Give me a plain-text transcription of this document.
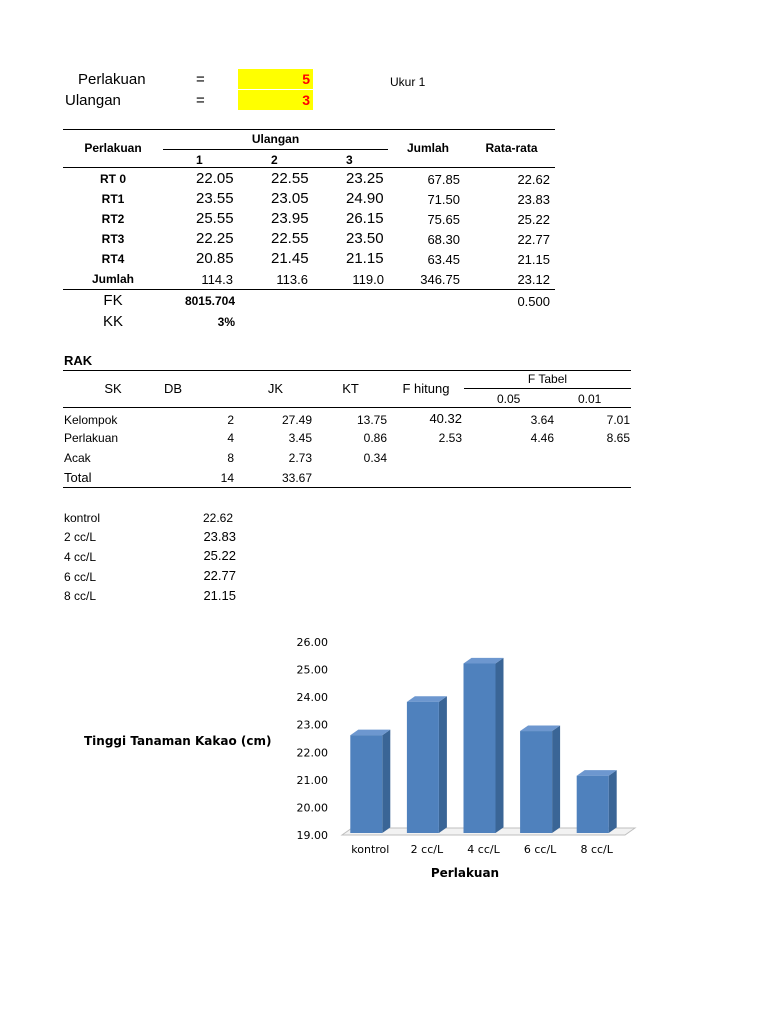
Perlakuan	=	5
Ulangan	=	3
Ukur 1
Perlakuan
Ulangan
1	2	3
Jumlah	Rata-rata
RT 0	22.05 22.55 23.25	67.85	22.62
RT1	23.55 23.05 24.90	71.50	23.83
RT2	25.55 23.95 26.15	75.65	25.22
RT3	22.25 22.55 23.50	68.30	22.77
RT4	20.85 21.45 21.15	63.45	21.15
Jumlah	114.3	113.6	119.0	346.75	23.12
FK	8015.704	0.500
KK	3%
RAK
SK	DB	JK	KT	F hitung
F Tabel
0.05	0.01
Kelompok	2	27.49	13.75	40.32	3.64	7.01
Perlakuan	4	3.45	0.86	2.53	4.46	8.65
Acak	8	2.73	0.34
Total	14	33.67
kontrol	22.62
2 cc/L	23.83
4 cc/L	25.22
6 cc/L	22.77
8 cc/L	21.15
Tinggi Tanaman Kakao (cm)
19.00
20.00
21.00
22.00
23.00
24.00
25.00
26.00
kontrol 2 cc/L 4 cc/L 6 cc/L 8 cc/L
Perlakuan
